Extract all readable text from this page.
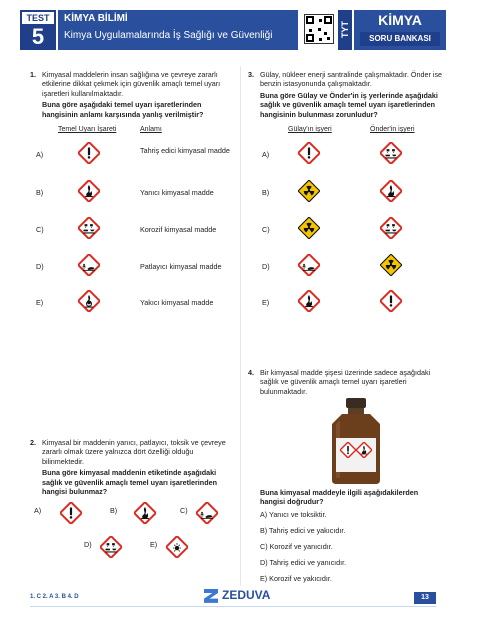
TEST
5
KİMYA BİLİMİ
Kimya Uygulamalarında İş Sağlığı ve Güvenliği	TYT
KİMYA
SORU BANKASI
1. Kimyasal maddelerin insan sağlığına ve çevreye zararlı etkilerine dikkat çekmek için güvenlik amaçlı temel uyarı işaretleri kullanılmaktadır.
Buna göre aşağıdaki temel uyarı işaretlerinden hangisinin anlamı karşısında yanlış verilmiştir?
Temel Uyarı İşareti	Anlamı
A)	Tahriş edici kimyasal madde
B)	Yanıcı kimyasal madde
C)	Korozif kimyasal madde
D)	Patlayıcı kimyasal madde
E)	Yakıcı kimyasal madde
2. Kimyasal bir maddenin yanıcı, patlayıcı, toksik ve çevreye zararlı olmak üzere yalnızca dört özelliği olduğu bilinmektedir.
Buna göre kimyasal maddenin etiketinde aşağıdaki sağlık ve güvenlik amaçlı temel uyarı işaretlerinden hangisi bulunmaz?
A)	B)	C)
D)	E)
3. Gülay, nükleer enerji santralinde çalışmaktadır. Önder ise benzin istasyonunda çalışmaktadır.
Buna göre Gülay ve Önder'in iş yerlerinde aşağıdaki sağlık ve güvenlik amaçlı temel uyarı işaretlerinden hangisinin bulunması zorunludur?
Gülay'ın işyeri	Önder'in işyeri
A)
B)
C)
D)
E)
4. Bir kimyasal madde şişesi üzerinde sadece aşağıdaki sağlık ve güvenlik amaçlı temel uyarı işaretleri bulunmaktadır.
Buna kimyasal maddeyle ilgili aşağıdakilerden hangisi doğrudur?
A) Yanıcı ve toksiktir.
B) Tahriş edici ve yakıcıdır.
C) Korozif ve yanıcıdır.
D) Tahriş edici ve yanıcıdır.
E) Korozif ve yakıcıdır.
1. C 2. A 3. B 4. D	ZEDUVA	13
